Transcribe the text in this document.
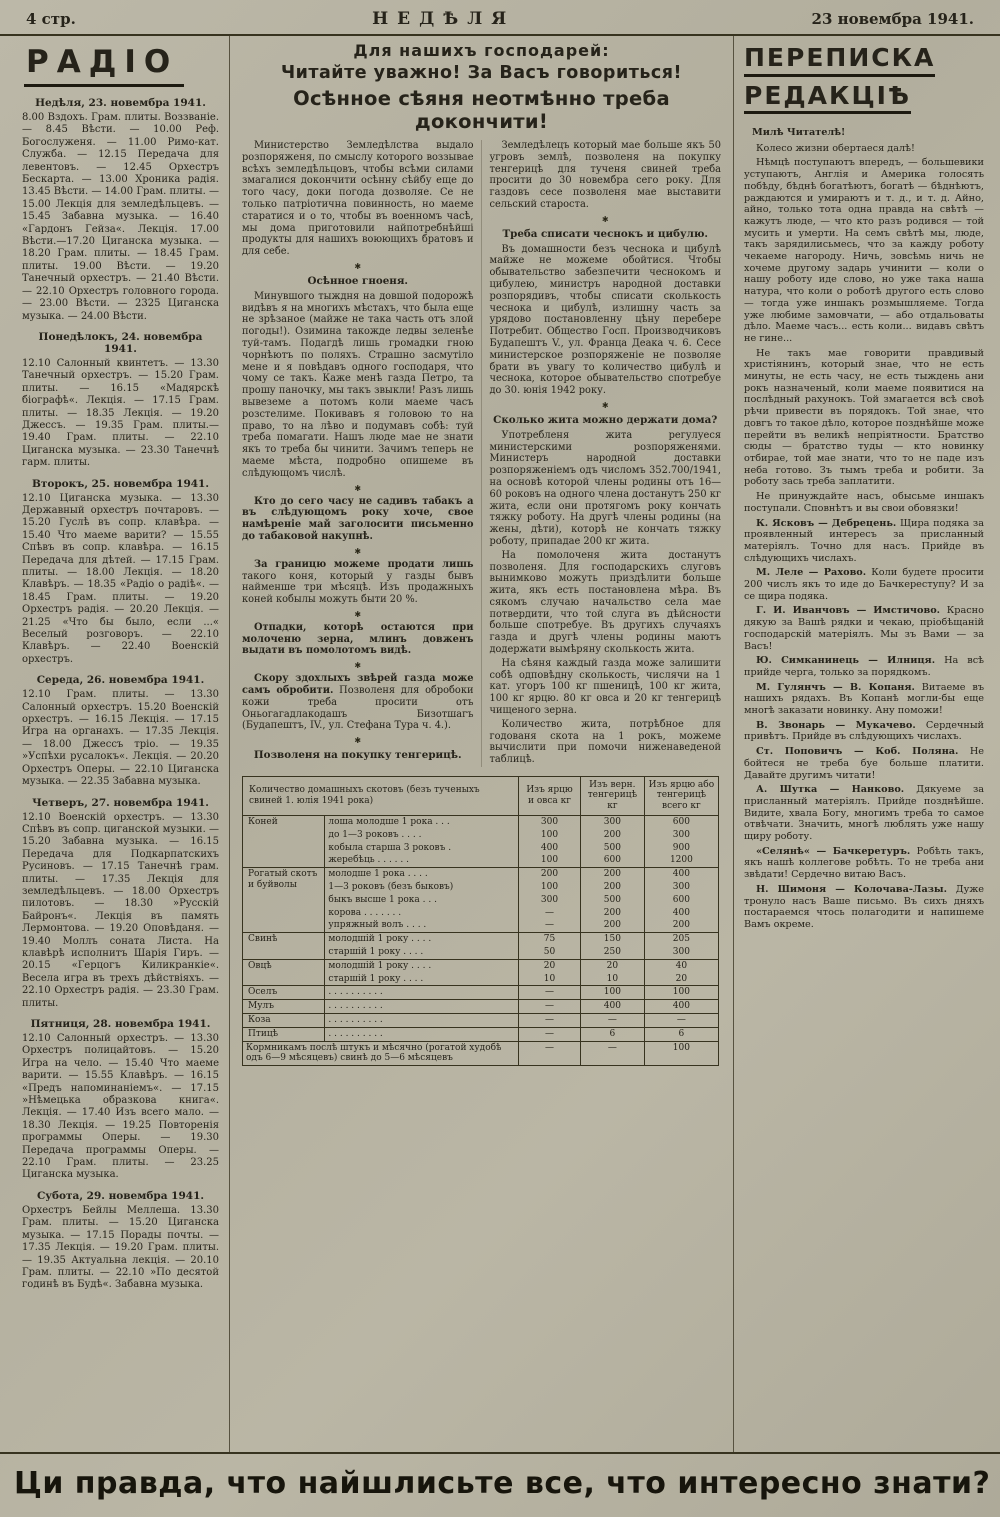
4 стр.	НЕДѢЛЯ	23 новембра 1941.
РАДІО
Недѣля, 23. новембра 1941.

8.00 Вздохъ. Грам. плиты. Воззванiе. — 8.45 Вѣсти. — 10.00 Реф. Богослуженя. — 11.00 Римо-кат. Служба. — 12.15 Передача для левентовъ. — 12.45 Орхестръ Бескарта. — 13.00 Хроника радiя. 13.45 Вѣсти. — 14.00 Грам. плиты. — 15.00 Лекцiя для земледѣльцевъ. — 15.45 Забавна музыка. — 16.40 «Гардонъ Гейза«. Лекцiя. 17.00 Вѣсти.—17.20 Циганска музыка. — 18.20 Грам. плиты. — 18.45 Грам. плиты. 19.00 Вѣсти. — 19.20 Танечный орхестръ. — 21.40 Вѣсти. — 22.10 Орхестръ головного города. — 23.00 Вѣсти. — 2325 Циганска музыка. — 24.00 Вѣсти.

Понедѣлокъ, 24. новембра 1941.

12.10 Салонный квинтетъ. — 13.30 Танечный орхестръ. — 15.20 Грам. плиты. — 16.15 «Мадярскѣ бiографѣ«. Лекцiя. — 17.15 Грам. плиты. — 18.35 Лекцiя. — 19.20 Джессъ. — 19.35 Грам. плиты.—19.40 Грам. плиты. — 22.10 Циганска музыка. — 23.30 Танечнѣ гарм. плиты.

Второкъ, 25. новембра 1941.

12.10 Циганска музыка. — 13.30 Державный орхестръ почтаровъ. — 15.20 Гуслѣ въ сопр. клавѣра. — 15.40 Что маеме варити? — 15.55 Спѣвъ въ сопр. клавѣра. — 16.15 Передача для дѣтей. — 17.15 Грам. плиты. — 18.00 Лекцiя. — 18.20 Клавѣръ. — 18.35 «Радiо о радiѣ«. — 18.45 Грам. плиты. — 19.20 Орхестръ радiя. — 20.20 Лекцiя. — 21.25 «Что бы было, если ...« Веселый розговоръ. — 22.10 Клавѣръ. — 22.40 Военскiй орхестръ.

Середа, 26. новембра 1941.

12.10 Грам. плиты. — 13.30 Салонный орхестръ. 15.20 Военскiй орхестръ. — 16.15 Лекцiя. — 17.15 Игра на органахъ. — 17.35 Лекцiя. — 18.00 Джессъ трiо. — 19.35 »Успѣхи русалокъ«. Лекцiя. — 20.20 Орхестръ Оперы. — 22.10 Циганска музыка. — 22.35 Забавна музыка.

Четверъ, 27. новембра 1941.

12.10 Военскiй орхестръ. — 13.30 Спѣвъ въ сопр. циганской музыки. — 15.20 Забавна музыка. — 16.15 Передача для Подкарпатскихъ Русиновъ. — 17.15 Танечнѣ грам. плиты. — 17.35 Лекцiя для земледѣльцевъ. — 18.00 Орхестръ пилотовъ. — 18.30 »Русскiй Байронъ«. Лекцiя въ память Лермонтова. — 19.20 Оповѣданя. — 19.40 Моллъ соната Листа. На клавѣрѣ исполнитъ Шарія Гиръ. — 20.15 «Герцогъ Киликранкіе«. Весела игра въ трехъ дѣйствiяхъ. — 22.10 Орхестръ радiя. — 23.30 Грам. плиты.

Пятниця, 28. новембра 1941.

12.10 Салонный орхестръ. — 13.30 Орхестръ полицайтовъ. — 15.20 Игра на чело. — 15.40 Что маеме варити. — 15.55 Клавѣръ. — 16.15 «Предъ напоминанiемъ«. — 17.15 »Нѣмецька образкова книга«. Лекцiя. — 17.40 Изъ всего мало. — 18.30 Лекцiя. — 19.25 Повторенiя программы Оперы. — 19.30 Передача программы Оперы. — 22.10 Грам. плиты. — 23.25 Циганска музыка.

Субота, 29. новембра 1941.

Орхестръ Бейлы Меллеша. 13.30 Грам. плиты. — 15.20 Циганска музыка. — 17.15 Порады почты. — 17.35 Лекцiя. — 19.20 Грам. плиты. — 19.35 Актуальна лекцiя. — 20.10 Грам. плиты. — 22.10 »По десятой годинѣ въ Будѣ«. Забавна музыка.

Для нашихъ господарей:
Читайте уважно! За Васъ говориться!
Осѣнное сѣяня неотмѣнно треба докончити!

Министерство Земледѣлства выдало розпоряженя, по смыслу которого воззывае всѣхъ земледѣльцовъ, чтобы всѣми силами змагалися докончити осѣнну сѣйбу еще до того часу, доки погода дозволяе. Се не только патрiотична повинность, но маеме старатися и о то, чтобы въ военномъ часѣ, мы дома приготовили найпотребнѣйшi продукты для нашихъ воюющихъ братовъ и для себе.

✱
Осѣнное гноеня.

Минувшого тыждня на довшой подорожѣ видѣвъ я на многихъ мѣстахъ, что была еще не зрѣзаное (майже не така часть отъ злой погоды!). Озимина такожде ледвы зеленѣе туй-тамъ. Подагдѣ лишь громадки гною чорнѣютъ по поляхъ. Страшно засмутiло мене и я повѣдавъ одного господаря, что чому се такъ. Каже менѣ газда Петро, та прошу паночку, мы такъ звыкли! Разъ лишь вывеземе а потомъ коли маеме часъ розстелиме. Покивавъ я головою то на право, то на лѣво и подумавъ собѣ: туй треба помагати. Нашъ люде мае не знати якъ то треба бы чинити. Зачимъ теперь не маеме мѣста, подробно опишеме въ слѣдующомъ числѣ.

✱

Кто до сего часу не садивъ табакъ а въ слѣдующомъ року хоче, свое намѣренiе май заголосити письменно до табаковой накупнѣ.

✱

За границю можеме продати лишь такого коня, который у газды бывъ найменше три мѣсяцѣ. Изъ продажныхъ коней кобылы можуть быти 20 %.

✱

Отпадки, которѣ остаются при молоченю зерна, млинъ довженъ выдати въ помолотомъ видѣ.

✱

Скору здохлыхъ звѣрей газда може самъ обробити. Позволеня для обробоки кожи треба просити отъ Оньогагадлакодашъ Бизотшагъ (Будапештъ, IV., ул. Стефана Тура ч. 4.).

✱
Позволеня на покупку тенгерицѣ.

Земледѣлецъ который мае больше якъ 50 угровъ землѣ, позволеня на покупку тенгерицѣ для тученя свиней треба просити до 30 новембра сего року. Для газдовъ сесе позволеня мае выставити сельский староста.

✱
Треба списати чеснокъ и цибулю.

Въ домашности безъ чеснока и цибулѣ майже не можеме обойтися. Чтобы обывательство забезпечити чеснокомъ и цибулею, министръ народной доставки розпорядивъ, чтобы списати сколькость чеснока и цибулѣ, излишну часть за урядово постановленну цѣну перебере Потребит. Общество Госп. Производчиковъ Будапештъ V., ул. Франца Деака ч. 6. Сесе министерское розпоряженiе не позволяе брати въ увагу то количество цибулѣ и чеснока, которое обывательство спотребуе до 30. юнiя 1942 року.

✱
Сколько жита можно держати дома?

Употребленя жита регулуеся министерскими розпоряженями. Министеръ народной доставки розпоряженiемъ одъ числомъ 352.700/1941, на основѣ которой члены родины отъ 16—60 роковъ на одного члена достанутъ 250 кг жита, если они протягомъ року кончать тяжку роботу. На другѣ члены родины (на жены, дѣти), которѣ не кончать тяжку роботу, припадае 200 кг жита.

На помолоченя жита достанутъ позволеня. Для господарскихъ слуговъ вынимково можуть приздѣлити больше жита, якъ есть постановлена мѣра. Въ сякомъ случаю начальство села мае потвердити, что той слуга въ дѣйсности больше спотребуе. Въ другихъ случаяхъ газда и другѣ члены родины маютъ додержати вымѣряну сколькость жита.

На сѣяня каждый газда може залишити собѣ одповѣдну сколькость, числячи на 1 кат. угоръ 100 кг пшеницѣ, 100 кг жита, 100 кг ярцю. 80 кг овса и 20 кг тенгерицѣ чищеного зерна.

Количество жита, потрѣбное для годованя скота на 1 рокъ, можеме вычислити при помочи ниженаведеной таблицѣ.

Количество домашныхъ скотовъ (безъ тученыхъ свиней 1. юлiя 1941 рока)		Изъ ярцю и овса кг	Изъ верн. тенгерицѣ кг	Изъ ярцю або тенгерицѣ всего кг
Коней	лоша молодше 1 рока . . .	300	300	600
	до 1—3 роковъ . . . .	100	200	300
	кобыла старша 3 роковъ .	400	500	900
	жеребѣць . . . . . .	100	600	1200
Рогатый скотъ и буйволы	молодше 1 рока . . . .	200	200	400
	1—3 роковъ (безъ быковъ)	100	200	300
	быкъ высше 1 рока . . .	300	500	600
	корова . . . . . . .	—	200	400
	упряжный волъ . . . .	—	200	200
Свинѣ	молодшiй 1 року . . . .	75	150	205
	старшiй 1 року . . . .	50	250	300
Овцѣ	молодшiй 1 року . . . .	20	20	40
	старшiй 1 року . . . .	10	10	20
Оселъ	. . . . . . . . . .	—	100	100
Мулъ	. . . . . . . . . .	—	400	400
Коза	. . . . . . . . . .	—	—	—
Птицѣ	. . . . . . . . . .	—	6	6
Кормникамъ послѣ штукъ и мѣсячно (рогатой худобѣ одъ 6—9 мѣсяцевъ) свинѣ до 5—6 мѣсяцевъ		—	—	100
ПЕРЕПИСКА
РЕДАКЦІѢ

Милѣ Читателѣ!

Колесо жизни обертаеся далѣ!

Нѣмцѣ поступаютъ впередъ, — большевики уступаютъ, Англiя и Америка голосять побѣду, бѣднѣ богатѣютъ, богатѣ — бѣднѣютъ, раждаются и умираютъ и т. д., и т. д. Айно, айно, только тота одна правда на свѣтѣ — кажутъ люде, — что кто разъ родився — той мусить и умерти. На семъ свѣтѣ мы, люде, такъ зарядилисьмесь, что за кажду роботу чекаеме нагороду. Ничь, зовсѣмь ничь не хочеме другому задарь учинити — коли о нашу роботу иде слово, но уже така наша натура, что коли о роботѣ другого есть слово — тогда уже иншакъ розмышляеме. Тогда уже любиме замовчати, — або отдальоваты дѣло. Маеме часъ... есть коли... видавъ свѣтъ не гине...

Не такъ мае говорити правдивый христiянинъ, который знае, что не есть минуты, не есть часу, не есть тыждень ани рокъ назначеный, коли маеме появитися на послѣдный рахунокъ. Той змагается всѣ своѣ рѣчи привести въ порядокъ. Той знае, что довгъ то такое дѣло, которое позднѣйше може перейти въ великѣ непрiятности. Братство сюды — братство туды — кто новинку отбирае, той мае знати, что то не паде изъ неба готово. Зъ тымъ треба и робити. За роботу зась треба заплатити.

Не принуждайте насъ, обысьме иншакъ поступали. Сповнѣтъ и вы свои обовязки!

К. Ясковъ — Дебрецень. Щира подяка за проявленный интересъ за присланный матерiялъ. Точно для насъ. Прийде въ слѣдующихъ числахъ.

М. Леле — Рахово. Коли будете просити 200 числъ якъ то иде до Бачкереступу? И за се щира подяка.

Г. И. Иванчовъ — Имстичово. Красно дякую за Вашѣ рядки и чекаю, прiобѣщанiй господарскiй матерiялъ. Мы зъ Вами — за Васъ!

Ю. Симканинець — Илниця. На всѣ прийде черга, только за порядкомъ.

М. Гулянчъ — В. Копаня. Витаеме въ нашихъ рядахъ. Въ Копанѣ могли-бы еще многѣ заказати новинку. Ану поможи!

В. Звонарь — Мукачево. Сердечный привѣтъ. Прийде въ слѣдующихъ числахъ.

Ст. Поповичъ — Коб. Поляна. Не бойтеся не треба буе больше платити. Давайте другимъ читати!

А. Шутка — Нанково. Дякуеме за присланный матерiялъ. Прийде позднѣйше. Видите, хвала Богу, многимъ треба то самое отвѣчати. Значить, многѣ люблять уже нашу щиру роботу.

«Селянѣ« — Бачкеретуръ. Робѣть такъ, якъ нашѣ коллегове робѣть. То не треба ани звѣдати! Сердечно витаю Васъ.

Н. Шимоня — Колочава-Лазы. Дуже тронуло насъ Ваше письмо. Въ сихъ дняхъ постараемся чтось полагодити и напишеме Вамъ окреме.

Ци правда, что найшлисьте все, что интересно знати?
